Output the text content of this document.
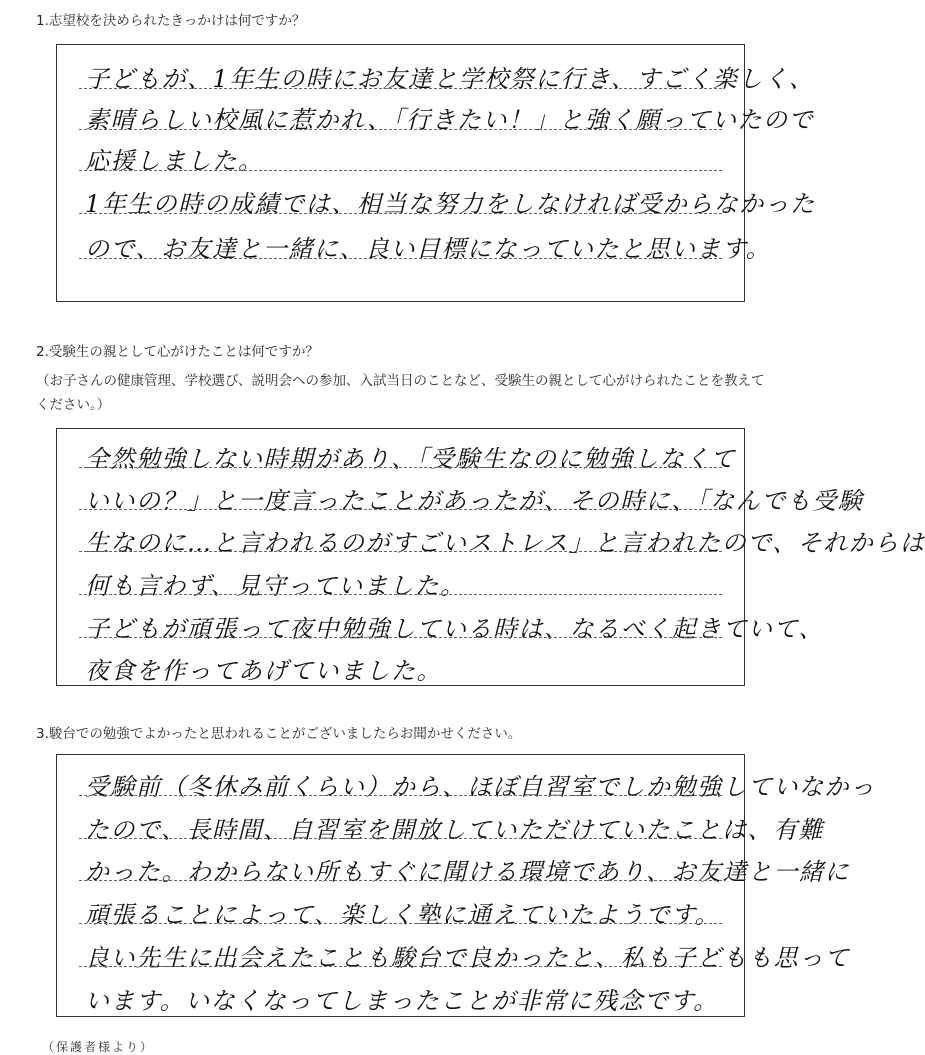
1.志望校を決められたきっかけは何ですか？

子どもが、1年生の時にお友達と学校祭に行き、すごく楽しく、
素晴らしい校風に惹かれ、「行きたい！」と強く願っていたので
応援しました。
1年生の時の成績では、相当な努力をしなければ受からなかった
ので、お友達と一緒に、良い目標になっていたと思います。

2.受験生の親として心がけたことは何ですか？

（お子さんの健康管理、学校選び、説明会への参加、入試当日のことなど、受験生の親として心がけられたことを教えてください。）

全然勉強しない時期があり、「受験生なのに勉強しなくて
いいの？」と一度言ったことがあったが、その時に、「なんでも受験
生なのに…と言われるのがすごいストレス」と言われたので、それからは
何も言わず、見守っていました。
子どもが頑張って夜中勉強している時は、なるべく起きていて、
夜食を作ってあげていました。

3.駿台での勉強でよかったと思われることがございましたらお聞かせください。

受験前（冬休み前くらい）から、ほぼ自習室でしか勉強していなかっ
たので、長時間、自習室を開放していただけていたことは、有難
かった。わからない所もすぐに聞ける環境であり、お友達と一緒に
頑張ることによって、楽しく塾に通えていたようです。
良い先生に出会えたことも駿台で良かったと、私も子どもも思って
います。いなくなってしまったことが非常に残念です。
（保護者様より）
